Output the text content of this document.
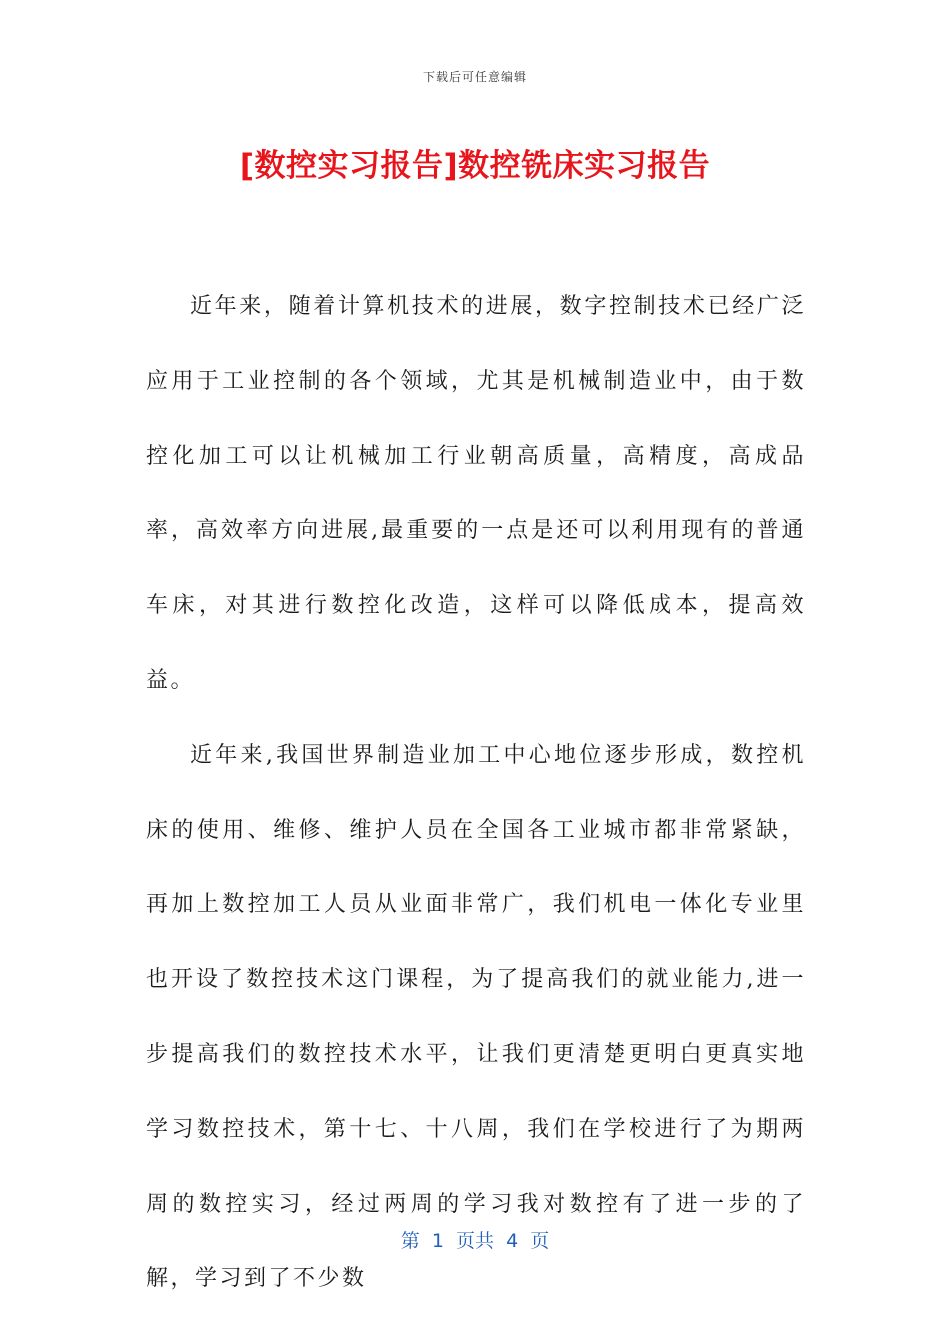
下载后可任意编辑
[数控实习报告]数控铣床实习报告

近年来，随着计算机技术的进展，数字控制技术已经广泛应用于工业控制的各个领域，尤其是机械制造业中，由于数控化加工可以让机械加工行业朝高质量，高精度，高成品率，高效率方向进展,最重要的一点是还可以利用现有的普通车床，对其进行数控化改造，这样可以降低成本，提高效益。

近年来,我国世界制造业加工中心地位逐步形成，数控机床的使用、维修、维护人员在全国各工业城市都非常紧缺，再加上数控加工人员从业面非常广，我们机电一体化专业里也开设了数控技术这门课程，为了提高我们的就业能力,进一步提高我们的数控技术水平，让我们更清楚更明白更真实地学习数控技术，第十七、十八周，我们在学校进行了为期两周的数控实习，经过两周的学习我对数控有了进一步的了解，学习到了不少数

第  1  页共  4  页
